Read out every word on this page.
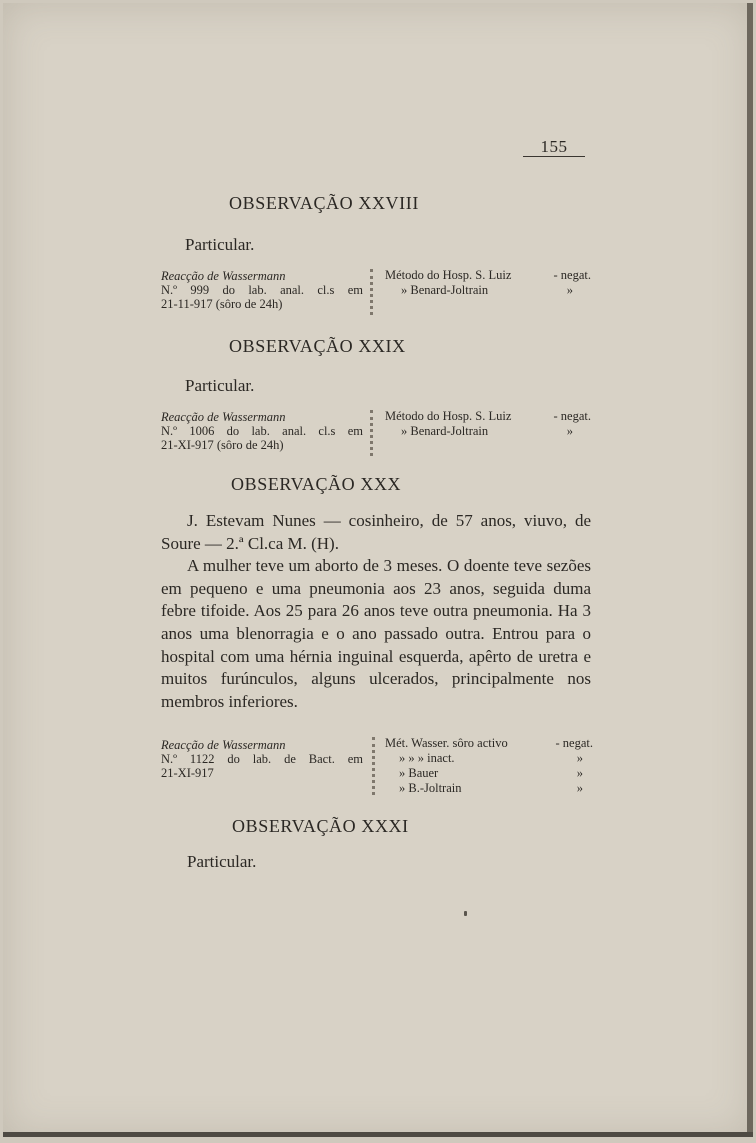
155
OBSERVAÇÃO XXVIII
Particular.
Reacção de Wassermann
N.º 999 do lab. anal. cl.s em
21-11-917 (sôro de 24h)
Método do Hosp. S. Luiz	- negat.
» Benard-Joltrain	»
OBSERVAÇÃO XXIX
Particular.
Reacção de Wassermann
N.º 1006 do lab. anal. cl.s em
21-XI-917 (sôro de 24h)
Método do Hosp. S. Luiz	- negat.
» Benard-Joltrain	»
OBSERVAÇÃO XXX

J. Estevam Nunes — cosinheiro, de 57 anos, viuvo, de Soure — 2.ª Cl.ca M. (H).

A mulher teve um aborto de 3 meses. O doente teve sezões em pequeno e uma pneumonia aos 23 anos, seguida duma febre tifoide. Aos 25 para 26 anos teve outra pneumonia. Ha 3 anos uma blenorragia e o ano passado outra. Entrou para o hospital com uma hérnia inguinal esquerda, apêrto de uretra e muitos furúnculos, alguns ulcerados, principalmente nos membros inferiores.

Reacção de Wassermann
N.º 1122 do lab. de Bact. em
21-XI-917
Mét. Wasser. sôro activo	- negat.
» » » inact.	»
» Bauer	»
» B.-Joltrain	»
OBSERVAÇÃO XXXI
Particular.
